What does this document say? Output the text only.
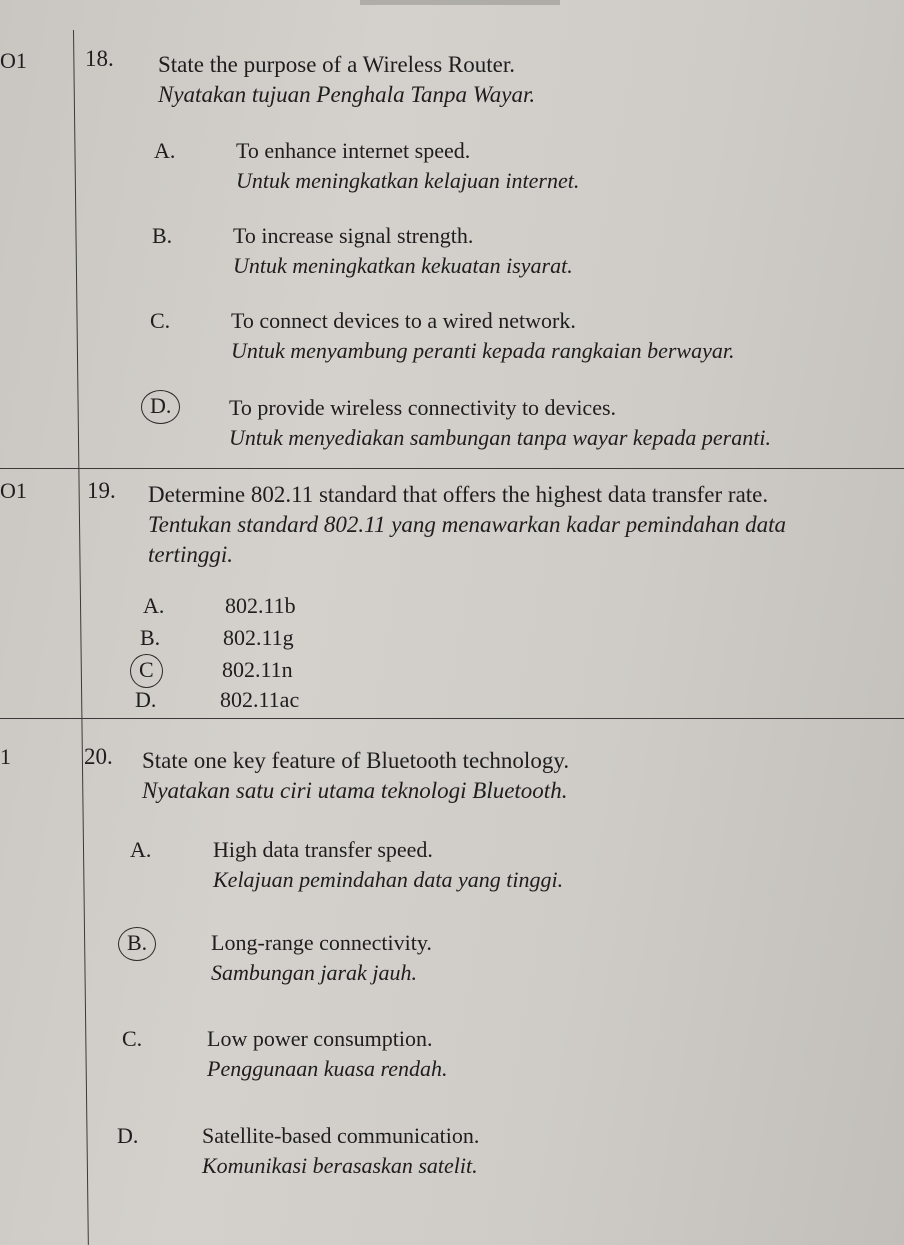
O1	18. State the purpose of a Wireless Router.
Nyatakan tujuan Penghala Tanpa Wayar.
A.	To enhance internet speed.
Untuk meningkatkan kelajuan internet.
B.	To increase signal strength.
Untuk meningkatkan kekuatan isyarat.
C.	To connect devices to a wired network.
Untuk menyambung peranti kepada rangkaian berwayar.
D.	To provide wireless connectivity to devices.
Untuk menyediakan sambungan tanpa wayar kepada peranti.
O1	19. Determine 802.11 standard that offers the highest data transfer rate.
Tentukan standard 802.11 yang menawarkan kadar pemindahan data
tertinggi.
A.	802.11b
B.	802.11g
C	802.11n
D.	802.11ac
1	20. State one key feature of Bluetooth technology.
Nyatakan satu ciri utama teknologi Bluetooth.
A.	High data transfer speed.
Kelajuan pemindahan data yang tinggi.
B.	Long-range connectivity.
Sambungan jarak jauh.
C.	Low power consumption.
Penggunaan kuasa rendah.
D.	Satellite-based communication.
Komunikasi berasaskan satelit.
